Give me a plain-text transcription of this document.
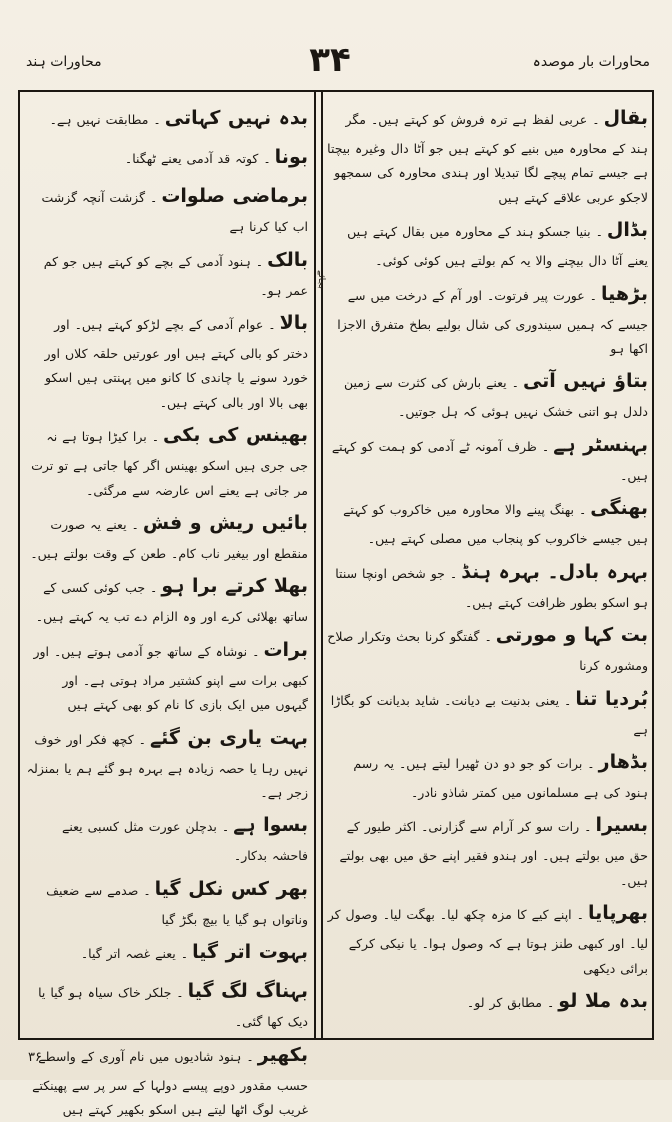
محاورات ہند	۳۴	محاورات بار موصدہ
بجائے

بقال۔ عربی لفظ ہے ترہ فروش کو کہتے ہیں۔ مگر ہند کے محاورہ میں بنیے کو کہتے ہیں جو آٹا دال وغیرہ بیچتا ہے جیسے تمام پیچے لگا تبدیلا اور ہندی محاورہ کی سمجھو لاجکو عربی علاقے کہتے ہیں

بڈال۔ بنیا جسکو ہند کے محاورہ میں بقال کہتے ہیں یعنے آٹا دال بیچنے والا یہ کم بولتے ہیں کوئی کوئی۔

بڑھیا۔ عورت پیر فرتوت۔ اور آم کے درخت میں سے جیسے کہ ہمیں سیندوری کی شال بولیے بطخ متفرق الاجزا اکھا ہو

بتاؤ نہیں آتی۔ یعنے بارش کی کثرت سے زمین دلدل ہو اتنی خشک نہیں ہوئی کہ ہل جوتیں۔

بہنسٹر ہے۔ ظرف آمونہ ٹے آدمی کو ہمت کو کہتے ہیں۔

بھنگی۔ بھنگ پینے والا محاورہ میں خاکروب کو کہتے ہیں جیسے خاکروب کو پنجاب میں مصلی کہتے ہیں۔

بہرہ بادل۔ بہرہ ہنڈ۔ جو شخص اونچا سنتا ہو اسکو بطور ظرافت کہتے ہیں۔

بت کہا و مورتی۔ گفتگو کرنا بحث وتکرار صلاح ومشورہ کرنا

بُردیا تنا۔ یعنی بدنیت بے دیانت۔ شاید بدیانت کو بگاڑا ہے

بڈھار۔ برات کو جو دو دن ٹھیرا لیتے ہیں۔ یہ رسم ہنود کی ہے مسلمانوں میں کمتر شاذو نادر۔

بسیرا۔ رات سو کر آرام سے گزارنی۔ اکثر طیور کے حق میں بولتے ہیں۔ اور ہندو فقیر اپنے حق میں بھی بولتے ہیں۔

بھرپایا۔ اپنے کیے کا مزہ چکھ لیا۔ بھگت لیا۔ وصول کر لیا۔ اور کبھی طنز ہوتا ہے کہ وصول ہوا۔ یا نیکی کرکے برائی دیکھی

بدہ ملا لو۔ مطابق کر لو۔

بدہ نہیں کہاتی۔ مطابقت نہیں ہے۔

بونا۔ کوتہ قد آدمی یعنے ٹھگنا۔

برماضی صلوات۔ گزشت آنچہ گزشت اب کیا کرنا ہے

بالک۔ ہنود آدمی کے بچے کو کہتے ہیں جو کم عمر ہو۔

بالا۔ عوام آدمی کے بچے لڑکو کہتے ہیں۔ اور دختر کو بالی کہتے ہیں اور عورتیں حلقہ کلاں اور خورد سونے یا چاندی کا کانو میں پہنتی ہیں اسکو بھی بالا اور بالی کہتے ہیں۔

بھینس کی بکی۔ برا کیڑا ہوتا ہے نہ جی جری ہیں اسکو بھینس اگر کھا جاتی ہے تو ترت مر جاتی ہے یعنے اس عارضہ سے مرگئی۔

بائیں ریش و فش۔ یعنے یہ صورت منقطع اور بیغیر ناب کام۔ طعن کے وقت بولتے ہیں۔

بھلا کرتے برا ہو۔ جب کوئی کسی کے ساتھ بھلائی کرے اور وہ الزام دے تب یہ کہتے ہیں۔

برات۔ نوشاہ کے ساتھ جو آدمی ہوتے ہیں۔ اور کبھی برات سے اپنو کشتیر مراد ہوتی ہے۔ اور گیہوں میں ایک بازی کا نام کو بھی کہتے ہیں

بہت یاری بن گئے۔ کچھ فکر اور خوف نہیں رہا یا حصہ زیادہ ہے بہرہ ہو گئے ہم یا بمنزلہ زجر ہے۔

بسوا ہے۔ بدچلن عورت مثل کسبی یعنے فاحشہ بدکار۔

بھر کس نکل گیا۔ صدمے سے ضعیف وناتواں ہو گیا یا بیچ بگڑ گیا

بہوت اتر گیا۔ یعنے غصہ اتر گیا۔

بہناگ لگ گیا۔ جلکر خاک سیاہ ہو گیا یا دیک کھا گئی۔

بکھیر۔ ہنود شادیوں میں نام آوری کے واسطے حسب مقدور دوپے پیسے دولہا کے سر پر سے پھینکتے غریب لوگ اٹھا لیتے ہیں اسکو بکھیر کہتے ہیں

۳۶
